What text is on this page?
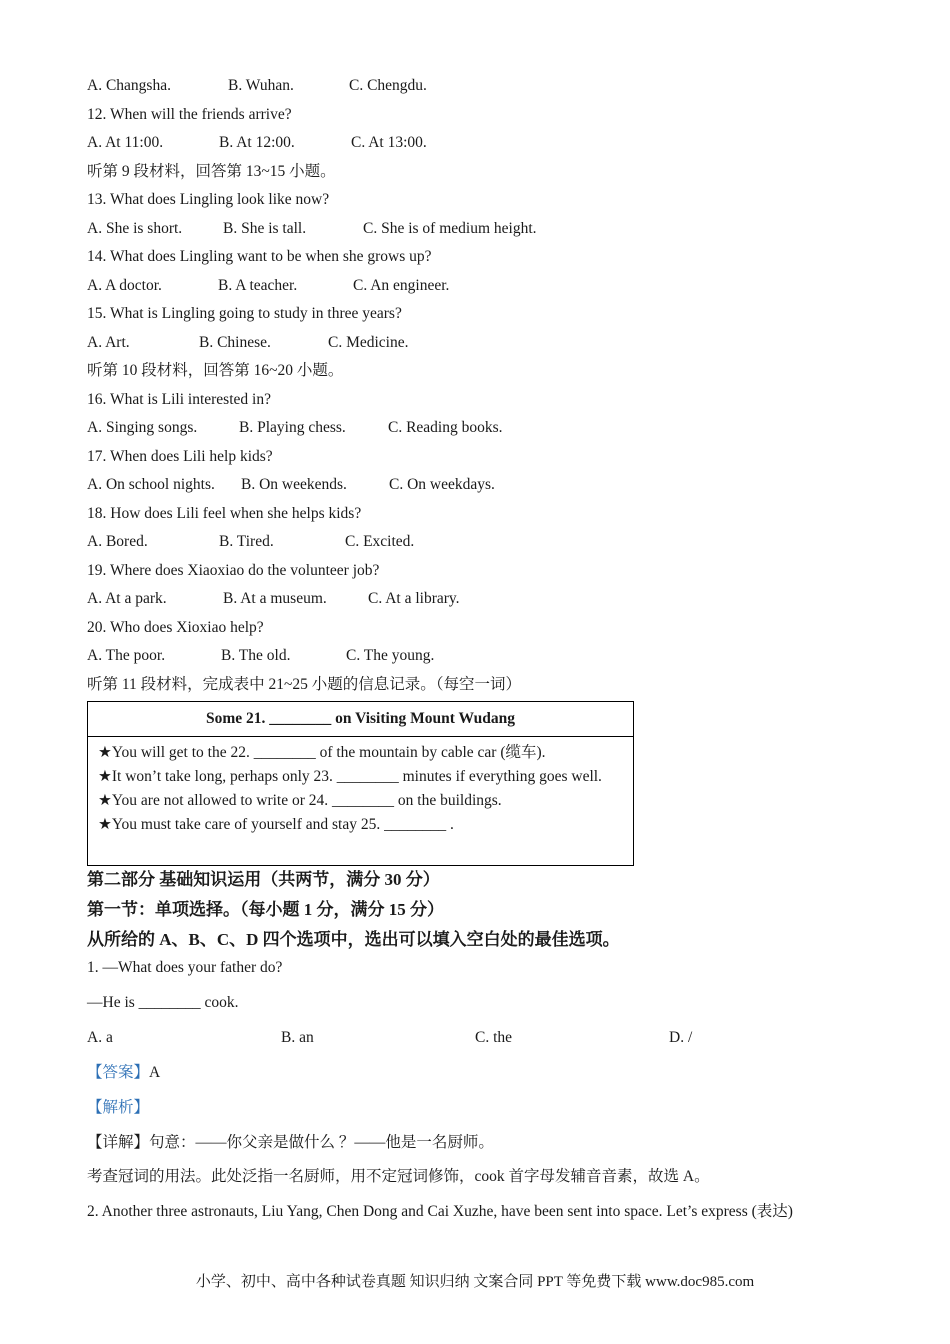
A. Changsha.	B. Wuhan.	C. Chengdu.
12. When will the friends arrive?
A. At 11:00.	B. At 12:00.	C. At 13:00.
听第 9 段材料，回答第 13~15 小题。
13. What does Lingling look like now?
A. She is short.	B. She is tall.	C. She is of medium height.
14. What does Lingling want to be when she grows up?
A. A doctor.	B. A teacher.	C. An engineer.
15. What is Lingling going to study in three years?
A. Art.	B. Chinese.	C. Medicine.
听第 10 段材料，回答第 16~20 小题。
16. What is Lili interested in?
A. Singing songs.	B. Playing chess.	C. Reading books.
17. When does Lili help kids?
A. On school nights. B. On weekends.	C. On weekdays.
18. How does Lili feel when she helps kids?
A. Bored.	B. Tired.	C. Excited.
19. Where does Xiaoxiao do the volunteer job?
A. At a park.	B. At a museum.	C. At a library.
20. Who does Xioxiao help?
A. The poor.	B. The old.	C. The young.
听第 11 段材料，完成表中 21~25 小题的信息记录。（每空一词）
Some 21. ________ on Visiting Mount Wudang

★You will get to the 22. ________ of the mountain by cable car (缆车).
★It won’t take long, perhaps only 23. ________ minutes if everything goes well.
★You are not allowed to write or 24. ________ on the buildings.
★You must take care of yourself and stay 25. ________ .
第二部分 基础知识运用（共两节，满分 30 分）
第一节：单项选择。（每小题 1 分，满分 15 分）
从所给的 A、B、C、D 四个选项中，选出可以填入空白处的最佳选项。
1. —What does your father do?
—He is ________ cook.
A. a	B. an	C. the	D. /
【答案】A
【解析】
【详解】句意：——你父亲是做什么 ？——他是一名厨师。
考查冠词的用法。此处泛指一名厨师，用不定冠词修饰，cook 首字母发辅音音素，故选 A。
2. Another three astronauts, Liu Yang, Chen Dong and Cai Xuzhe, have been sent into space. Let’s express (表达)
小学、初中、高中各种试卷真题 知识归纳 文案合同 PPT 等免费下载 www.doc985.com
